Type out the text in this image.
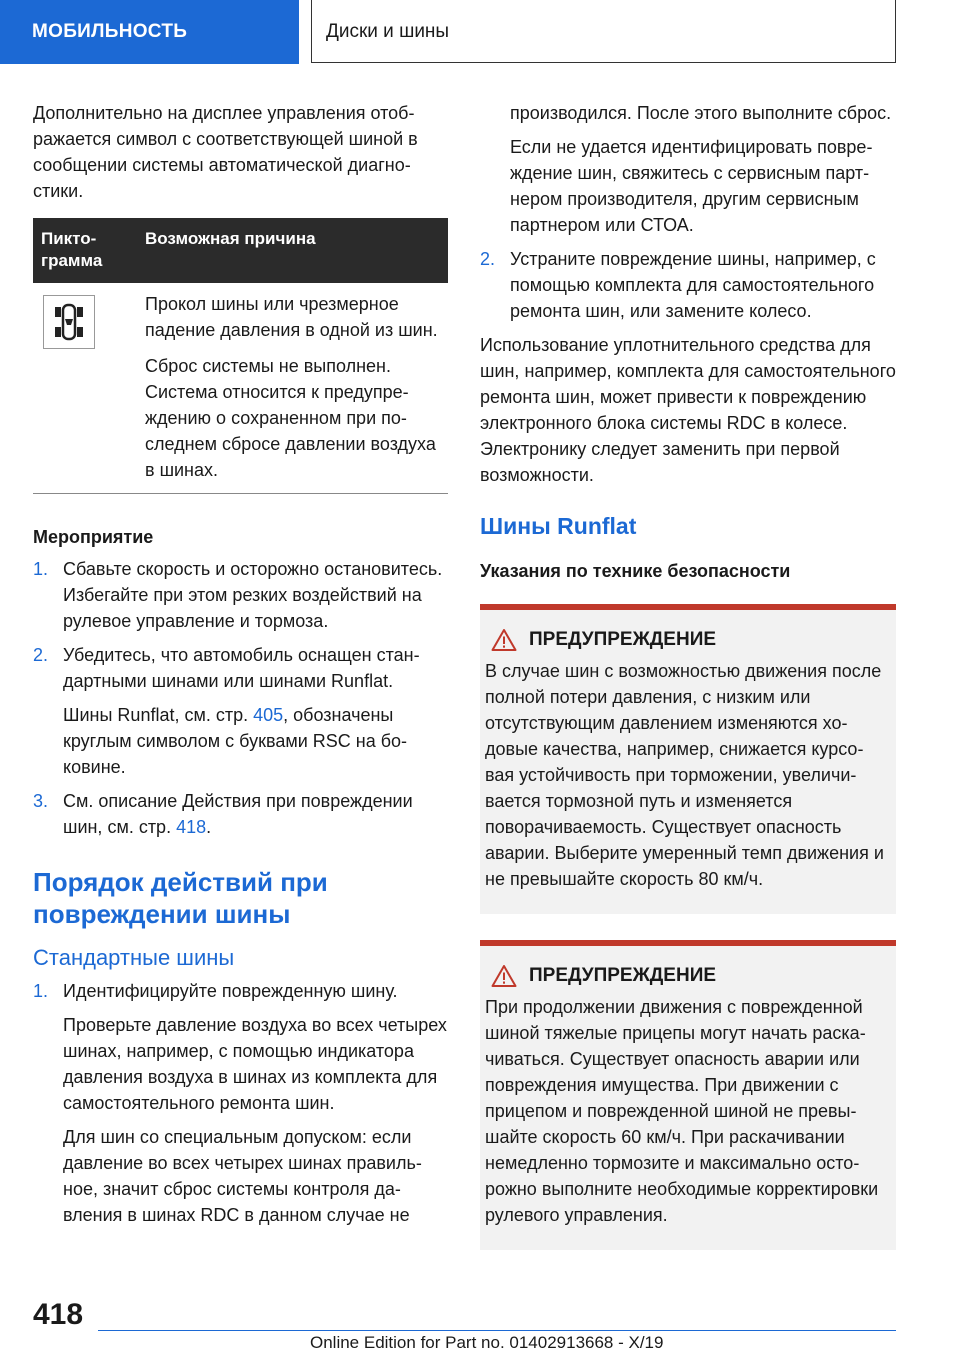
МОБИЛЬНОСТЬ	Диски и шины

Дополнительно на дисплее управления отображается символ с соответствующей шиной в сообщении системы автоматической диагностики.

Пиктограмма	Возможная причина

Прокол шины или чрезмерное падение давления в одной из шин.

Сброс системы не выполнен. Система относится к предупреждению о сохраненном при последнем сбросе давлении воздуха в шинах.

Мероприятие
1. Сбавьте скорость и осторожно остановитесь. Избегайте при этом резких воздействий на рулевое управление и тормоза.

2. Убедитесь, что автомобиль оснащен стандартными шинами или шинами Runflat.

Шины Runflat, см. стр. 405, обозначены круглым символом с буквами RSC на боковине.

3. См. описание Действия при повреждении шин, см. стр. 418.

Порядок действий при повреждении шины
Стандартные шины
1. Идентифицируйте поврежденную шину.

Проверьте давление воздуха во всех четырех шинах, например, с помощью индикатора давления воздуха в шинах из комплекта для самостоятельного ремонта шин.

Для шин со специальным допуском: если давление во всех четырех шинах правильное, значит сброс системы контроля давления в шинах RDC в данном случае не

производился. После этого выполните сброс.

Если не удается идентифицировать повреждение шин, свяжитесь с сервисным партнером производителя, другим сервисным партнером или СТОА.

2. Устраните повреждение шины, например, с помощью комплекта для самостоятельного ремонта шин, или замените колесо.

Использование уплотнительного средства для шин, например, комплекта для самостоятельного ремонта шин, может привести к повреждению электронного блока системы RDC в колесе. Электронику следует заменить при первой возможности.

Шины Runflat
Указания по технике безопасности
ПРЕДУПРЕЖДЕНИЕ

В случае шин с возможностью движения после полной потери давления, с низким или отсутствующим давлением изменяются ходовые качества, например, снижается курсовая устойчивость при торможении, увеличивается тормозной путь и изменяется поворачиваемость. Существует опасность аварии. Выберите умеренный темп движения и не превышайте скорость 80 км/ч.

ПРЕДУПРЕЖДЕНИЕ

При продолжении движения с поврежденной шиной тяжелые прицепы могут начать раскачиваться. Существует опасность аварии или повреждения имущества. При движении с прицепом и поврежденной шиной не превышайте скорость 60 км/ч. При раскачивании немедленно тормозите и максимально осторожно выполните необходимые корректировки рулевого управления.

418
Online Edition for Part no. 01402913668 - X/19
